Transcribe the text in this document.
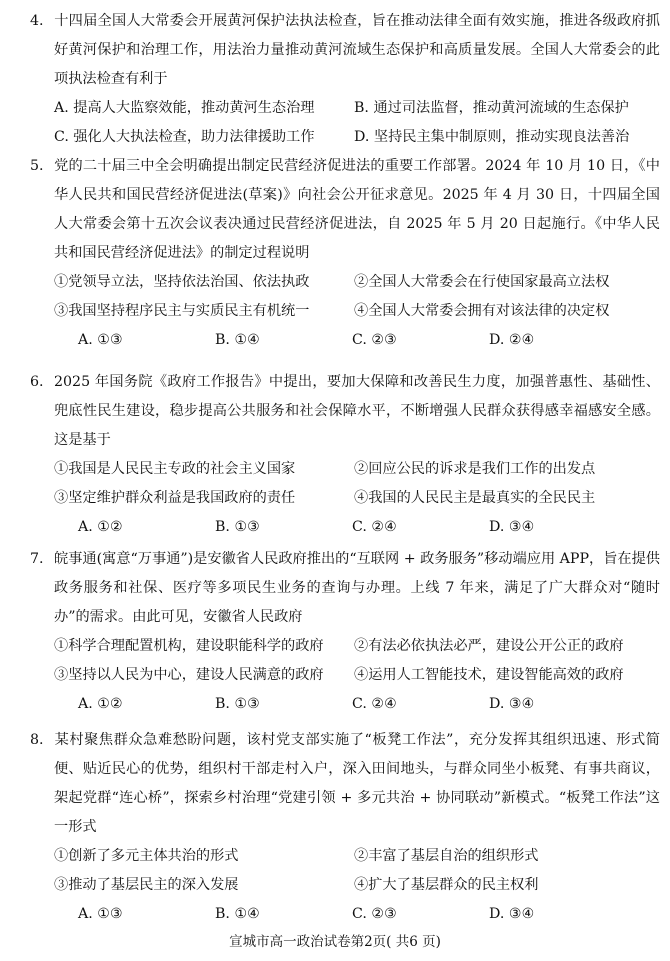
4. 十四届全国人大常委会开展黄河保护法执法检查，旨在推动法律全面有效实施，推进各级政府抓好黄河保护和治理工作，用法治力量推动黄河流域生态保护和高质量发展。全国人大常委会的此项执法检查有利于
A. 提高人大监察效能，推动黄河生态治理	B. 通过司法监督，推动黄河流域的生态保护
C. 强化人大执法检查，助力法律援助工作	D. 坚持民主集中制原则，推动实现良法善治
5. 党的二十届三中全会明确提出制定民营经济促进法的重要工作部署。2024 年 10 月 10 日，《中华人民共和国民营经济促进法(草案)》向社会公开征求意见。2025 年 4 月 30 日，十四届全国人大常委会第十五次会议表决通过民营经济促进法，自 2025 年 5 月 20 日起施行。《中华人民共和国民营经济促进法》的制定过程说明
①党领导立法，坚持依法治国、依法执政	②全国人大常委会在行使国家最高立法权
③我国坚持程序民主与实质民主有机统一	④全国人大常委会拥有对该法律的决定权
A. ①③	B. ①④	C. ②③	D. ②④
6. 2025 年国务院《政府工作报告》中提出，要加大保障和改善民生力度，加强普惠性、基础性、兜底性民生建设，稳步提高公共服务和社会保障水平，不断增强人民群众获得感幸福感安全感。这是基于
①我国是人民民主专政的社会主义国家	②回应公民的诉求是我们工作的出发点
③坚定维护群众利益是我国政府的责任	④我国的人民民主是最真实的全民民主
A. ①②	B. ①③	C. ②④	D. ③④
7. 皖事通(寓意“万事通”)是安徽省人民政府推出的“互联网 + 政务服务”移动端应用 APP，旨在提供政务服务和社保、医疗等多项民生业务的查询与办理。上线 7 年来，满足了广大群众对“随时办”的需求。由此可见，安徽省人民政府
①科学合理配置机构，建设职能科学的政府	②有法必依执法必严，建设公开公正的政府
③坚持以人民为中心，建设人民满意的政府	④运用人工智能技术，建设智能高效的政府
A. ①②	B. ①③	C. ②④	D. ③④
8. 某村聚焦群众急难愁盼问题，该村党支部实施了“板凳工作法”，充分发挥其组织迅速、形式简便、贴近民心的优势，组织村干部走村入户，深入田间地头，与群众同坐小板凳、有事共商议，架起党群“连心桥”，探索乡村治理“党建引领 + 多元共治 + 协同联动”新模式。“板凳工作法”这一形式
①创新了多元主体共治的形式	②丰富了基层自治的组织形式
③推动了基层民主的深入发展	④扩大了基层群众的民主权利
A. ①③	B. ①④	C. ②③	D. ③④
宣城市高一政治试卷第2页( 共6 页)
